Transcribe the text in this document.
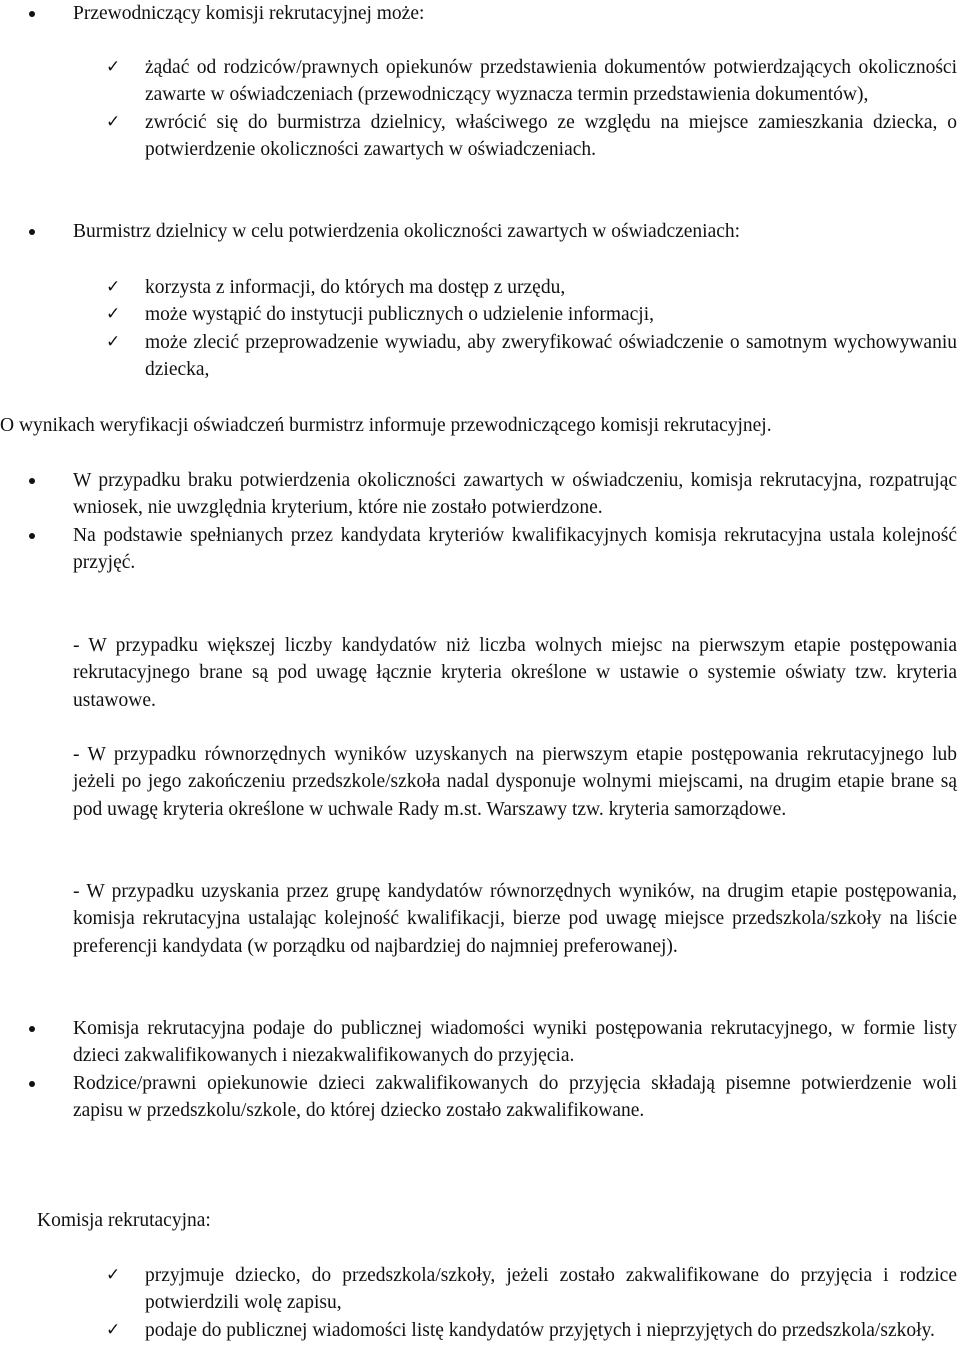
Przewodniczący komisji rekrutacyjnej może:
✓ żądać od rodziców/prawnych opiekunów przedstawienia dokumentów potwierdzających okoliczności zawarte w oświadczeniach (przewodniczący wyznacza termin przedstawienia dokumentów),
✓ zwrócić się do burmistrza dzielnicy, właściwego ze względu na miejsce zamieszkania dziecka, o potwierdzenie okoliczności zawartych w oświadczeniach.
Burmistrz dzielnicy w celu potwierdzenia okoliczności zawartych w oświadczeniach:
✓ korzysta z informacji, do których ma dostęp z urzędu,
✓ może wystąpić do instytucji publicznych o udzielenie informacji,
✓ może zlecić przeprowadzenie wywiadu, aby zweryfikować oświadczenie o samotnym wychowywaniu dziecka,
O wynikach weryfikacji oświadczeń burmistrz informuje przewodniczącego komisji rekrutacyjnej.
W przypadku braku potwierdzenia okoliczności zawartych w oświadczeniu, komisja rekrutacyjna, rozpatrując wniosek, nie uwzględnia kryterium, które nie zostało potwierdzone.
Na podstawie spełnianych przez kandydata kryteriów kwalifikacyjnych komisja rekrutacyjna ustala kolejność przyjęć.
- W przypadku większej liczby kandydatów niż liczba wolnych miejsc na pierwszym etapie postępowania rekrutacyjnego brane są pod uwagę łącznie kryteria określone w ustawie o systemie oświaty tzw. kryteria ustawowe.
- W przypadku równorzędnych wyników uzyskanych na pierwszym etapie postępowania rekrutacyjnego lub jeżeli po jego zakończeniu przedszkole/szkoła nadal dysponuje wolnymi miejscami, na drugim etapie brane są pod uwagę kryteria określone w uchwale Rady m.st. Warszawy tzw. kryteria samorządowe.
- W przypadku uzyskania przez grupę kandydatów równorzędnych wyników, na drugim etapie postępowania, komisja rekrutacyjna ustalając kolejność kwalifikacji, bierze pod uwagę miejsce przedszkola/szkoły na liście preferencji kandydata (w porządku od najbardziej do najmniej preferowanej).
Komisja rekrutacyjna podaje do publicznej wiadomości wyniki postępowania rekrutacyjnego, w formie listy dzieci zakwalifikowanych i niezakwalifikowanych do przyjęcia.
Rodzice/prawni opiekunowie dzieci zakwalifikowanych do przyjęcia składają pisemne potwierdzenie woli zapisu w przedszkolu/szkole, do której dziecko zostało zakwalifikowane.
Komisja rekrutacyjna:
✓ przyjmuje dziecko, do przedszkola/szkoły, jeżeli zostało zakwalifikowane do przyjęcia i rodzice potwierdzili wolę zapisu,
✓ podaje do publicznej wiadomości listę kandydatów przyjętych i nieprzyjętych do przedszkola/szkoły.
